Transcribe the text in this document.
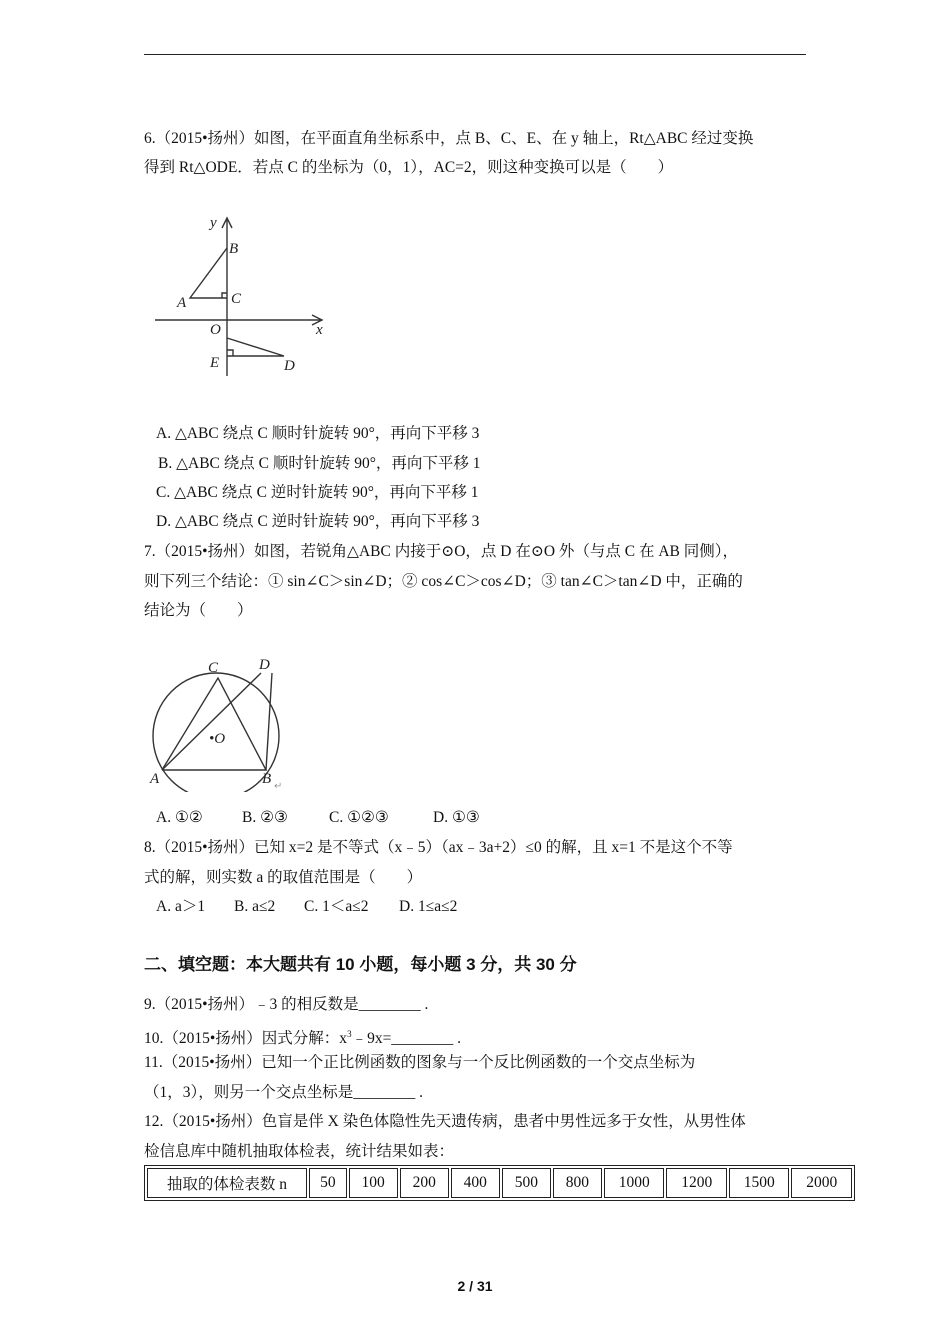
6.（2015•扬州）如图，在平面直角坐标系中，点 B、C、E、在 y 轴上，Rt△ABC 经过变换
得到 Rt△ODE．若点 C 的坐标为（0，1），AC=2，则这种变换可以是（　　）
y
B
A	C
O	x
E	D
A. △ABC 绕点 C 顺时针旋转 90°，再向下平移 3
B. △ABC 绕点 C 顺时针旋转 90°，再向下平移 1
C. △ABC 绕点 C 逆时针旋转 90°，再向下平移 1
D. △ABC 绕点 C 逆时针旋转 90°，再向下平移 3
7.（2015•扬州）如图，若锐角△ABC 内接于⊙O，点 D 在⊙O 外（与点 C 在 AB 同侧），
则下列三个结论：① sin∠C＞sin∠D；② cos∠C＞cos∠D；③ tan∠C＞tan∠D 中，正确的
结论为（　　）
C	D
•O
A	B ↵
A. ①②	B. ②③	C. ①②③	D. ①③
8.（2015•扬州）已知 x=2 是不等式（x﹣5）（ax﹣3a+2）≤0 的解，且 x=1 不是这个不等
式的解，则实数 a 的取值范围是（　　）
A. a＞1 B. a≤2 C. 1＜a≤2 D. 1≤a≤2
二、填空题：本大题共有 10 小题，每小题 3 分，共 30 分
9.（2015•扬州）﹣3 的相反数是________ .
10.（2015•扬州）因式分解：$x^3﹣9x=\_\_\_\_\_\_\_\_$ .
11.（2015•扬州）已知一个正比例函数的图象与一个反比例函数的一个交点坐标为
（1，3），则另一个交点坐标是________ .
12.（2015•扬州）色盲是伴 X 染色体隐性先天遗传病，患者中男性远多于女性，从男性体
检信息库中随机抽取体检表，统计结果如表：
抽取的体检表数 n	50	100	200	400	500	800	1000	1200	1500	2000
2 / 31
